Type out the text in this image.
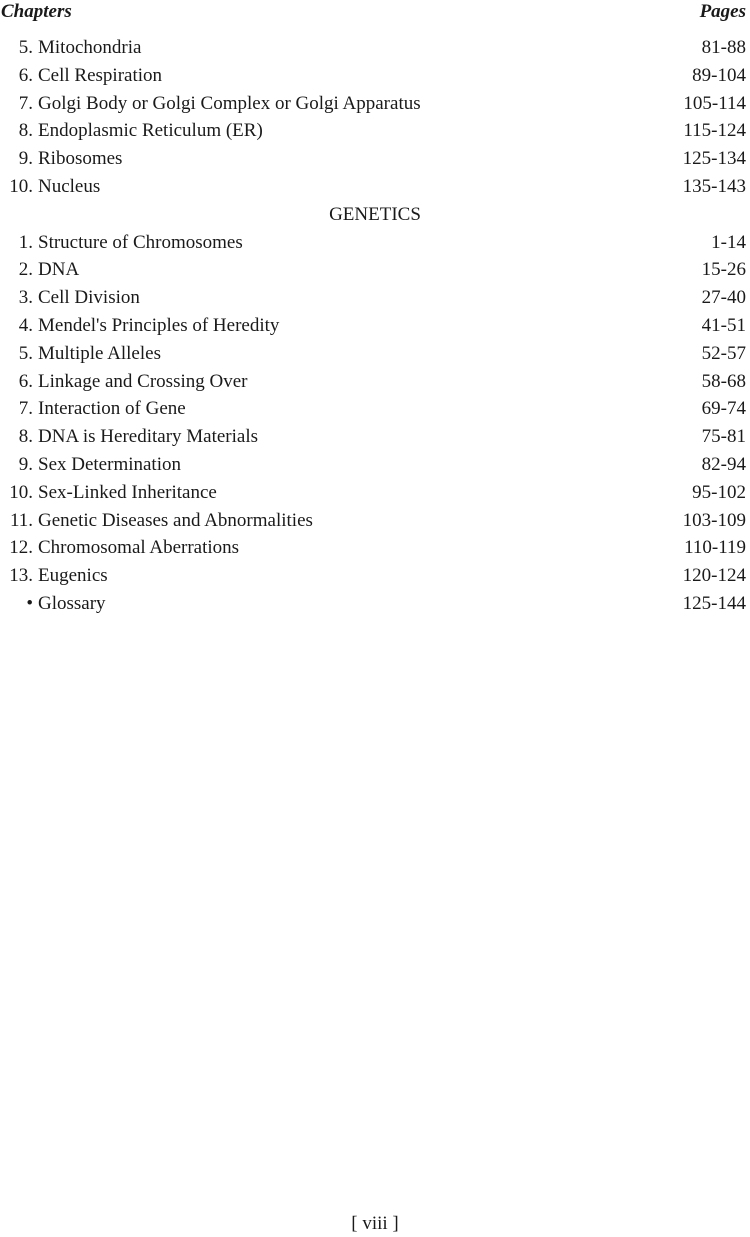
Chapters	Pages
5. Mitochondria	81-88
6. Cell Respiration	89-104
7. Golgi Body or Golgi Complex or Golgi Apparatus	105-114
8. Endoplasmic Reticulum (ER)	115-124
9. Ribosomes	125-134
10. Nucleus	135-143
GENETICS
1. Structure of Chromosomes	1-14
2. DNA	15-26
3. Cell Division	27-40
4. Mendel's Principles of Heredity	41-51
5. Multiple Alleles	52-57
6. Linkage and Crossing Over	58-68
7. Interaction of Gene	69-74
8. DNA is Hereditary Materials	75-81
9. Sex Determination	82-94
10. Sex-Linked Inheritance	95-102
11. Genetic Diseases and Abnormalities	103-109
12. Chromosomal Aberrations	110-119
13. Eugenics	120-124
• Glossary	125-144
[ viii ]
